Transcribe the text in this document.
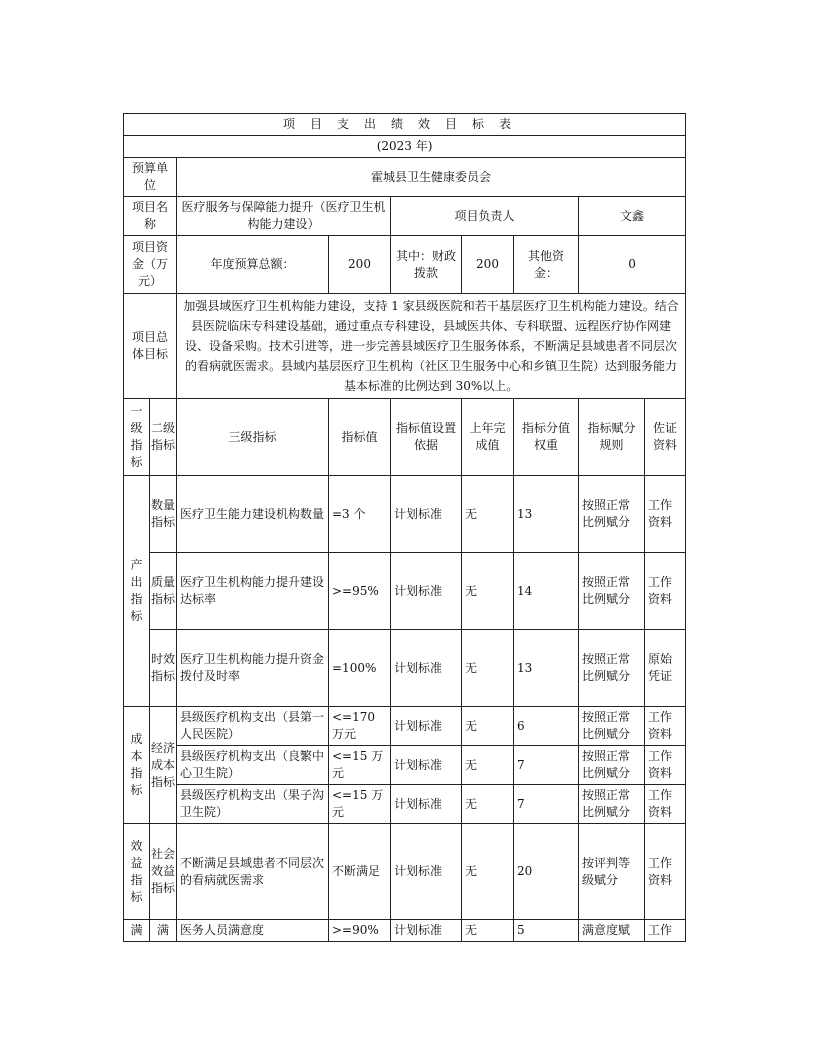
项目支出绩效目标表								
(2023 年)								
预算单位		霍城县卫生健康委员会						
项目名称		医疗服务与保障能力提升（医疗卫生机构能力建设）		项目负责人			文鑫	
项目资金（万元）		年度预算总额：	200	其中：财政拨款	200	其他资金：	0	
项目总体目标		加强县域医疗卫生机构能力建设，支持 1 家县级医院和若干基层医疗卫生机构能力建设。结合县医院临床专科建设基础，通过重点专科建设，县域医共体、专科联盟、远程医疗协作网建设、设备采购。技术引进等，进一步完善县域医疗卫生服务体系，不断满足县域患者不同层次的看病就医需求。县域内基层医疗卫生机构（社区卫生服务中心和乡镇卫生院）达到服务能力基本标准的比例达到 30%以上。						
一级指标	二级指标	三级指标	指标值	指标值设置依据	上年完成值	指标分值权重	指标赋分规则	佐证资料
产出指标	数量指标	医疗卫生能力建设机构数量	=3 个	计划标准	无	13	按照正常比例赋分	工作资料
	质量指标	医疗卫生机构能力提升建设达标率	>=95%	计划标准	无	14	按照正常比例赋分	工作资料
	时效指标	医疗卫生机构能力提升资金拨付及时率	=100%	计划标准	无	13	按照正常比例赋分	原始凭证
成本指标	经济成本指标	县级医疗机构支出（县第一人民医院）	<=170 万元	计划标准	无	6	按照正常比例赋分	工作资料
		县级医疗机构支出（良繁中心卫生院）	<=15 万元	计划标准	无	7	按照正常比例赋分	工作资料
		县级医疗机构支出（果子沟卫生院）	<=15 万元	计划标准	无	7	按照正常比例赋分	工作资料
效益指标	社会效益指标	不断满足县域患者不同层次的看病就医需求	不断满足	计划标准	无	20	按评判等级赋分	工作资料
满	满	医务人员满意度	>=90%	计划标准	无	5	满意度赋	工作
